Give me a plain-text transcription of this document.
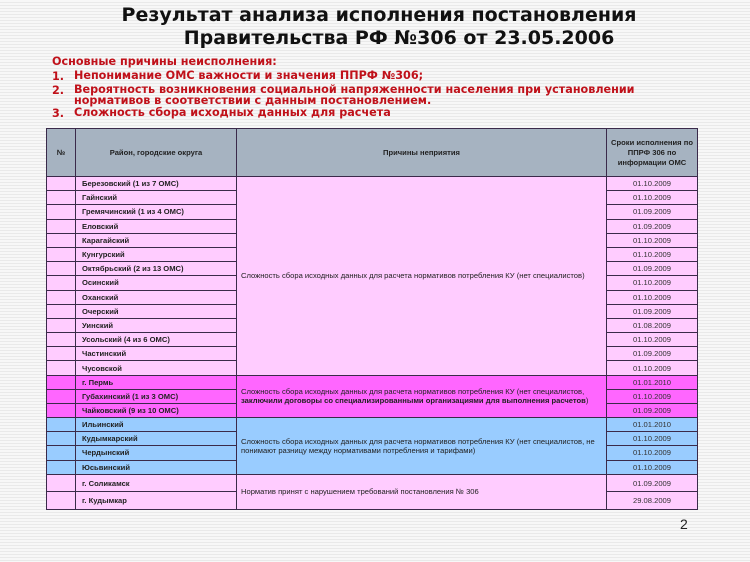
Результат анализа исполнения постановления
Правительства РФ №306 от 23.05.2006
Основные причины неисполнения:
1. Непонимание ОМС важности и значения ППРФ №306;
2. Вероятность возникновения социальной напряженности населения при установлении нормативов в соответствии с данным постановлением.
3. Сложность сбора исходных данных для расчета
№	Район, городские округа	Причины неприятия	Сроки исполнения по ППРФ 306 по информации ОМС
	Березовский (1 из 7 ОМС)	Сложность сбора исходных данных для расчета нормативов потребления КУ (нет специалистов)	01.10.2009
	Гайнский		01.10.2009
	Гремячинский (1 из 4 ОМС)		01.09.2009
	Еловский		01.09.2009
	Карагайский		01.10.2009
	Кунгурский		01.10.2009
	Октябрьский (2 из 13 ОМС)		01.09.2009
	Осинский		01.10.2009
	Оханский		01.10.2009
	Очерский		01.09.2009
	Уинский		01.08.2009
	Усольский (4 из 6 ОМС)		01.10.2009
	Частинский		01.09.2009
	Чусовской		01.10.2009
	г. Пермь	Сложность сбора исходных данных для расчета нормативов потребления КУ (нет специалистов, заключили договоры со специализированными организациями для выполнения расчетов)	01.01.2010
	Губахинский (1 из 3 ОМС)		01.10.2009
	Чайковский (9 из 10 ОМС)		01.09.2009
	Ильинский	Сложность сбора исходных данных для расчета нормативов потребления КУ (нет специалистов, не понимают разницу между нормативами потребления и тарифами)	01.01.2010
	Кудымкарский		01.10.2009
	Чердынский		01.10.2009
	Юсьвинский		01.10.2009
	г. Соликамск	Норматив принят с нарушением требований постановления № 306	01.09.2009
	г. Кудымкар		29.08.2009
2
